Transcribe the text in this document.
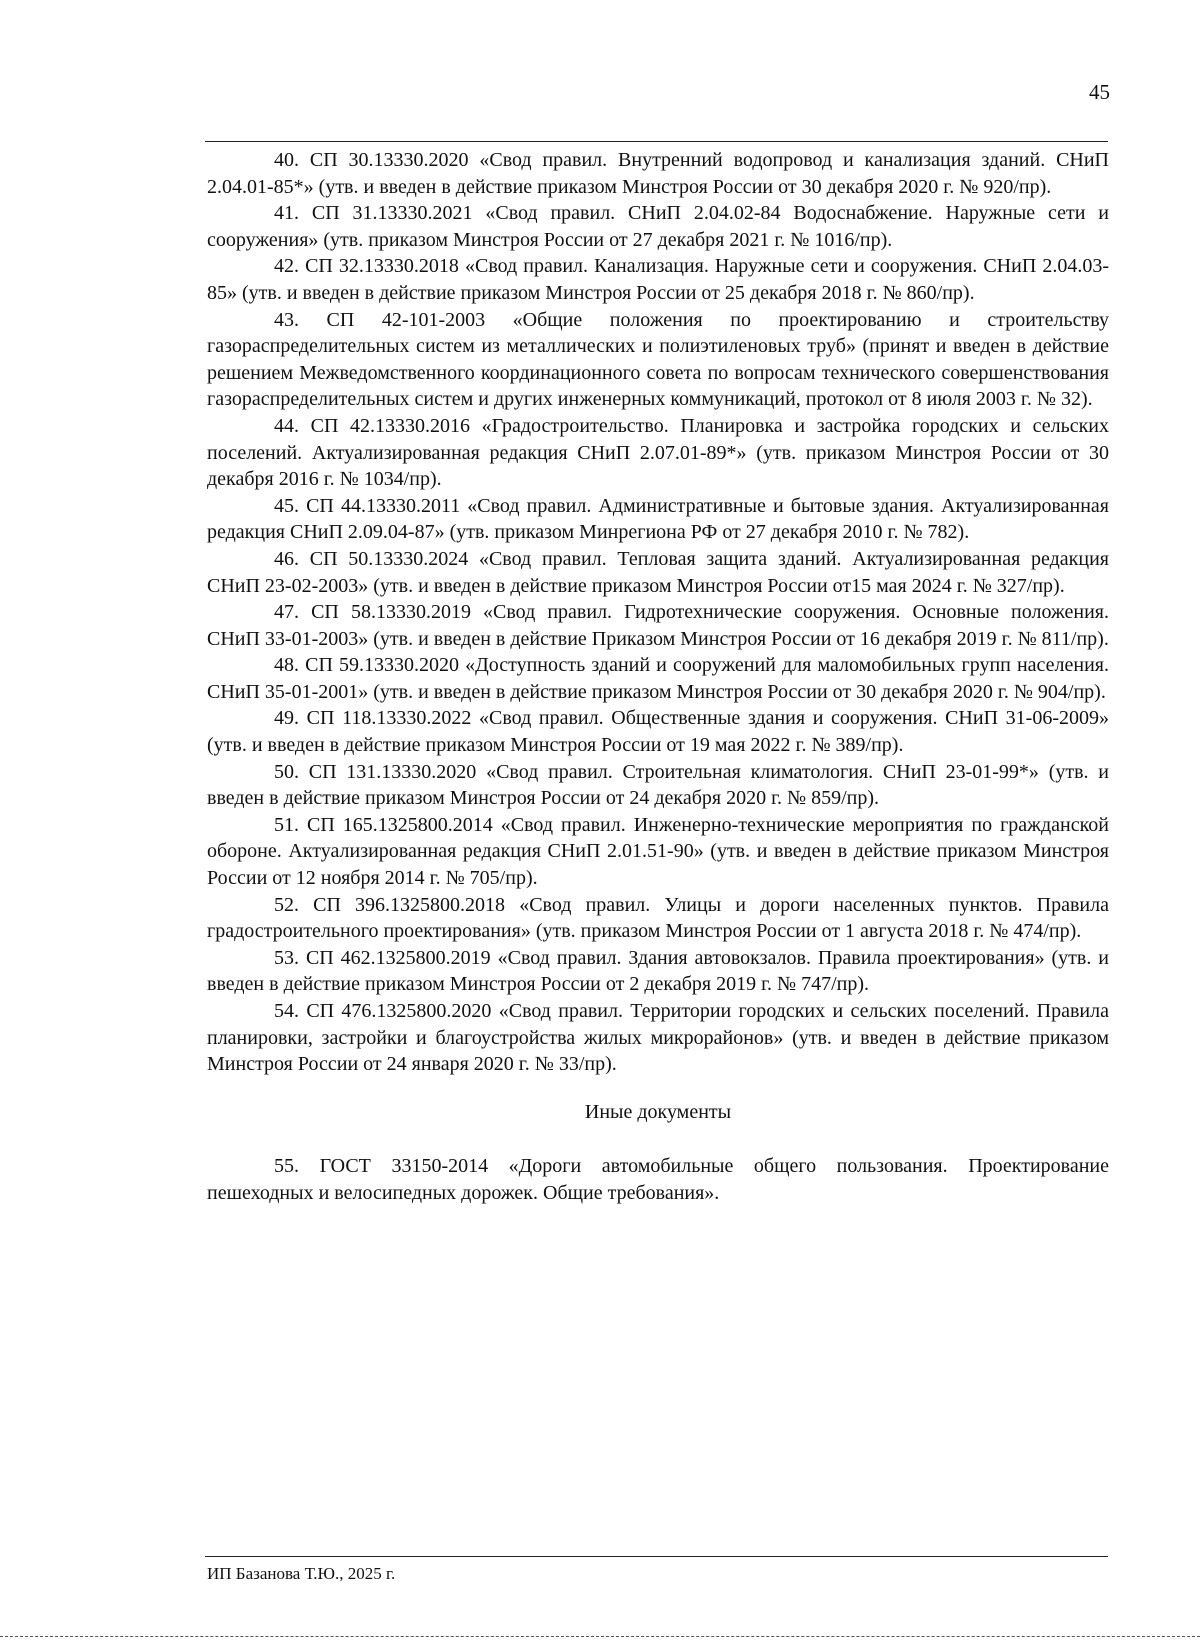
45

40. СП 30.13330.2020 «Свод правил. Внутренний водопровод и канализация зданий. СНиП 2.04.01-85*» (утв. и введен в действие приказом Минстроя России от 30 декабря 2020 г. № 920/пр).

41. СП 31.13330.2021 «Свод правил. СНиП 2.04.02-84 Водоснабжение. Наружные сети и сооружения» (утв. приказом Минстроя России от 27 декабря 2021 г. № 1016/пр).

42. СП 32.13330.2018 «Свод правил. Канализация. Наружные сети и сооружения. СНиП 2.04.03-85» (утв. и введен в действие приказом Минстроя России от 25 декабря 2018 г. № 860/пр).

43. СП 42-101-2003 «Общие положения по проектированию и строительству газораспределительных систем из металлических и полиэтиленовых труб» (принят и введен в действие решением Межведомственного координационного совета по вопросам технического совершенствования газораспределительных систем и других инженерных коммуникаций, протокол от 8 июля 2003 г. № 32).

44. СП 42.13330.2016 «Градостроительство. Планировка и застройка городских и сельских поселений. Актуализированная редакция СНиП 2.07.01-89*» (утв. приказом Минстроя России от 30 декабря 2016 г. № 1034/пр).

45. СП 44.13330.2011 «Свод правил. Административные и бытовые здания. Актуализированная редакция СНиП 2.09.04-87» (утв. приказом Минрегиона РФ от 27 декабря 2010 г. № 782).

46. СП 50.13330.2024 «Свод правил. Тепловая защита зданий. Актуализированная редакция СНиП 23-02-2003» (утв. и введен в действие приказом Минстроя России от15 мая 2024 г. № 327/пр).

47. СП 58.13330.2019 «Свод правил. Гидротехнические сооружения. Основные положения. СНиП 33-01-2003» (утв. и введен в действие Приказом Минстроя России от 16 декабря 2019 г. № 811/пр).

48. СП 59.13330.2020 «Доступность зданий и сооружений для маломобильных групп населения. СНиП 35-01-2001» (утв. и введен в действие приказом Минстроя России от 30 декабря 2020 г. № 904/пр).

49. СП 118.13330.2022 «Свод правил. Общественные здания и сооружения. СНиП 31-06-2009» (утв. и введен в действие приказом Минстроя России от 19 мая 2022 г. № 389/пр).

50. СП 131.13330.2020 «Свод правил. Строительная климатология. СНиП 23-01-99*» (утв. и введен в действие приказом Минстроя России от 24 декабря 2020 г. № 859/пр).

51. СП 165.1325800.2014 «Свод правил. Инженерно-технические мероприятия по гражданской обороне. Актуализированная редакция СНиП 2.01.51-90» (утв. и введен в действие приказом Минстроя России от 12 ноября 2014 г. № 705/пр).

52. СП 396.1325800.2018 «Свод правил. Улицы и дороги населенных пунктов. Правила градостроительного проектирования» (утв. приказом Минстроя России от 1 августа 2018 г. № 474/пр).

53. СП 462.1325800.2019 «Свод правил. Здания автовокзалов. Правила проектирования» (утв. и введен в действие приказом Минстроя России от 2 декабря 2019 г. № 747/пр).

54. СП 476.1325800.2020 «Свод правил. Территории городских и сельских поселений. Правила планировки, застройки и благоустройства жилых микрорайонов» (утв. и введен в действие приказом Минстроя России от 24 января 2020 г. № 33/пр).

Иные документы

55. ГОСТ 33150-2014 «Дороги автомобильные общего пользования. Проектирование пешеходных и велосипедных дорожек. Общие требования».

ИП Базанова Т.Ю., 2025 г.
